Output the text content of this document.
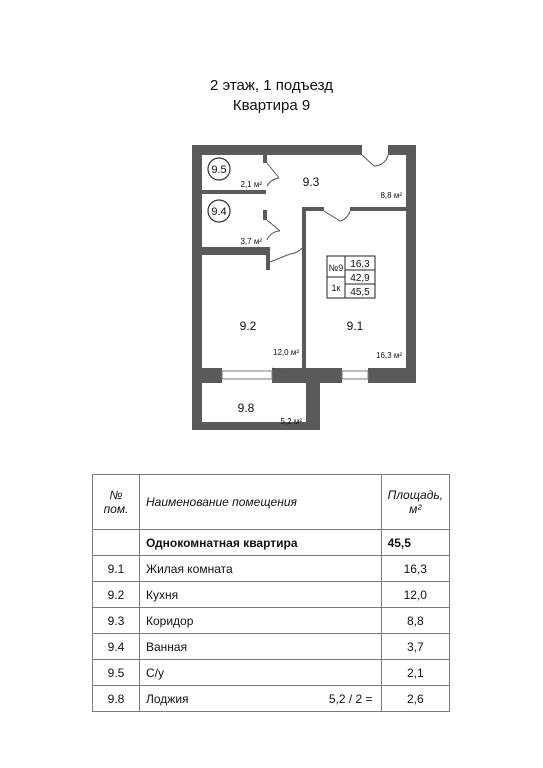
2 этаж, 1 подъезд
Квартира 9
9.5
2,1 м²	9.3
8,8 м²
9.4
3,7 м²
9.2
12,0 м²
9.1
16,3 м²
9.8
5,2 м²
№9
1к
16,3
42,9
45,5
№
пом.	Наименование помещения	Площадь,
м²
	Однокомнатная квартира	45,5
9.1	Жилая комната	16,3
9.2	Кухня	12,0
9.3	Коридор	8,8
9.4	Ванная	3,7
9.5	С/у	2,1
9.8	Лоджия 5,2 / 2 =	2,6
